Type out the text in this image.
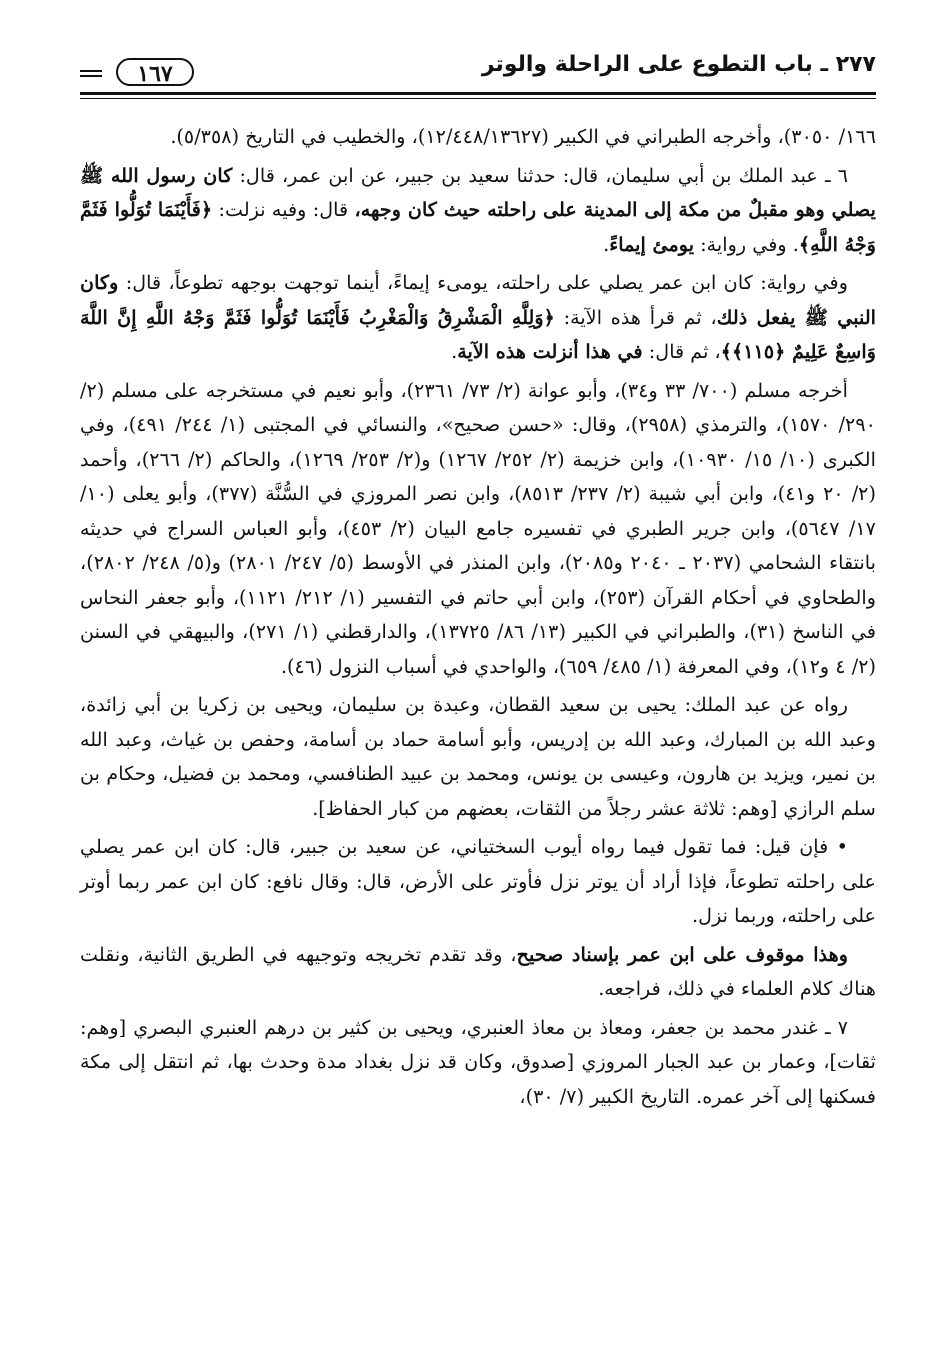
٢٧٧ ـ باب التطوع على الراحلة والوتر
١٦٧

١٦٦/ ٣٠٥٠)، وأخرجه الطبراني في الكبير (١٢/٤٤٨/١٣٦٢٧)، والخطيب في التاريخ (٥/٣٥٨).

٦ ـ عبد الملك بن أبي سليمان، قال: حدثنا سعيد بن جبير، عن ابن عمر، قال: كان رسول الله ﷺ يصلي وهو مقبلٌ من مكة إلى المدينة على راحلته حيث كان وجهه، قال: وفيه نزلت: ﴿فَأَيْنَمَا تُوَلُّوا فَثَمَّ وَجْهُ اللَّهِ﴾. وفي رواية: يومئ إيماءً.

وفي رواية: كان ابن عمر يصلي على راحلته، يومىء إيماءً، أينما توجهت بوجهه تطوعاً، قال: وكان النبي ﷺ يفعل ذلك، ثم قرأ هذه الآية: ﴿وَلِلَّهِ الْمَشْرِقُ وَالْمَغْرِبُ فَأَيْنَمَا تُوَلُّوا فَثَمَّ وَجْهُ اللَّهِ إِنَّ اللَّهَ وَاسِعٌ عَلِيمٌ ﴿١١٥﴾﴾، ثم قال: في هذا أنزلت هذه الآية.

أخرجه مسلم (٧٠٠/ ٣٣ و٣٤)، وأبو عوانة (٢/ ٧٣/ ٢٣٦١)، وأبو نعيم في مستخرجه على مسلم (٢/ ٢٩٠/ ١٥٧٠)، والترمذي (٢٩٥٨)، وقال: «حسن صحيح»، والنسائي في المجتبى (١/ ٢٤٤/ ٤٩١)، وفي الكبرى (١٠/ ١٥/ ١٠٩٣٠)، وابن خزيمة (٢/ ٢٥٢/ ١٢٦٧) و(٢/ ٢٥٣/ ١٢٦٩)، والحاكم (٢/ ٢٦٦)، وأحمد (٢/ ٢٠ و٤١)، وابن أبي شيبة (٢/ ٢٣٧/ ٨٥١٣)، وابن نصر المروزي في السُّنَّة (٣٧٧)، وأبو يعلى (١٠/ ١٧/ ٥٦٤٧)، وابن جرير الطبري في تفسيره جامع البيان (٢/ ٤٥٣)، وأبو العباس السراج في حديثه بانتقاء الشحامي (٢٠٣٧ ـ ٢٠٤٠ و٢٠٨٥)، وابن المنذر في الأوسط (٥/ ٢٤٧/ ٢٨٠١) و(٥/ ٢٤٨/ ٢٨٠٢)، والطحاوي في أحكام القرآن (٢٥٣)، وابن أبي حاتم في التفسير (١/ ٢١٢/ ١١٢١)، وأبو جعفر النحاس في الناسخ (٣١)، والطبراني في الكبير (١٣/ ٨٦/ ١٣٧٢٥)، والدارقطني (١/ ٢٧١)، والبيهقي في السنن (٢/ ٤ و١٢)، وفي المعرفة (١/ ٤٨٥/ ٦٥٩)، والواحدي في أسباب النزول (٤٦).

رواه عن عبد الملك: يحيى بن سعيد القطان، وعبدة بن سليمان، ويحيى بن زكريا بن أبي زائدة، وعبد الله بن المبارك، وعبد الله بن إدريس، وأبو أسامة حماد بن أسامة، وحفص بن غياث، وعبد الله بن نمير، ويزيد بن هارون، وعيسى بن يونس، ومحمد بن عبيد الطنافسي، ومحمد بن فضيل، وحكام بن سلم الرازي [وهم: ثلاثة عشر رجلاً من الثقات، بعضهم من كبار الحفاظ].

• فإن قيل: فما تقول فيما رواه أيوب السختياني، عن سعيد بن جبير، قال: كان ابن عمر يصلي على راحلته تطوعاً، فإذا أراد أن يوتر نزل فأوتر على الأرض، قال: وقال نافع: كان ابن عمر ربما أوتر على راحلته، وربما نزل.

وهذا موقوف على ابن عمر بإسناد صحيح، وقد تقدم تخريجه وتوجيهه في الطريق الثانية، ونقلت هناك كلام العلماء في ذلك، فراجعه.

٧ ـ غندر محمد بن جعفر، ومعاذ بن معاذ العنبري، ويحيى بن كثير بن درهم العنبري البصري [وهم: ثقات]، وعمار بن عبد الجبار المروزي [صدوق، وكان قد نزل بغداد مدة وحدث بها، ثم انتقل إلى مكة فسكنها إلى آخر عمره. التاريخ الكبير (٧/ ٣٠)،
